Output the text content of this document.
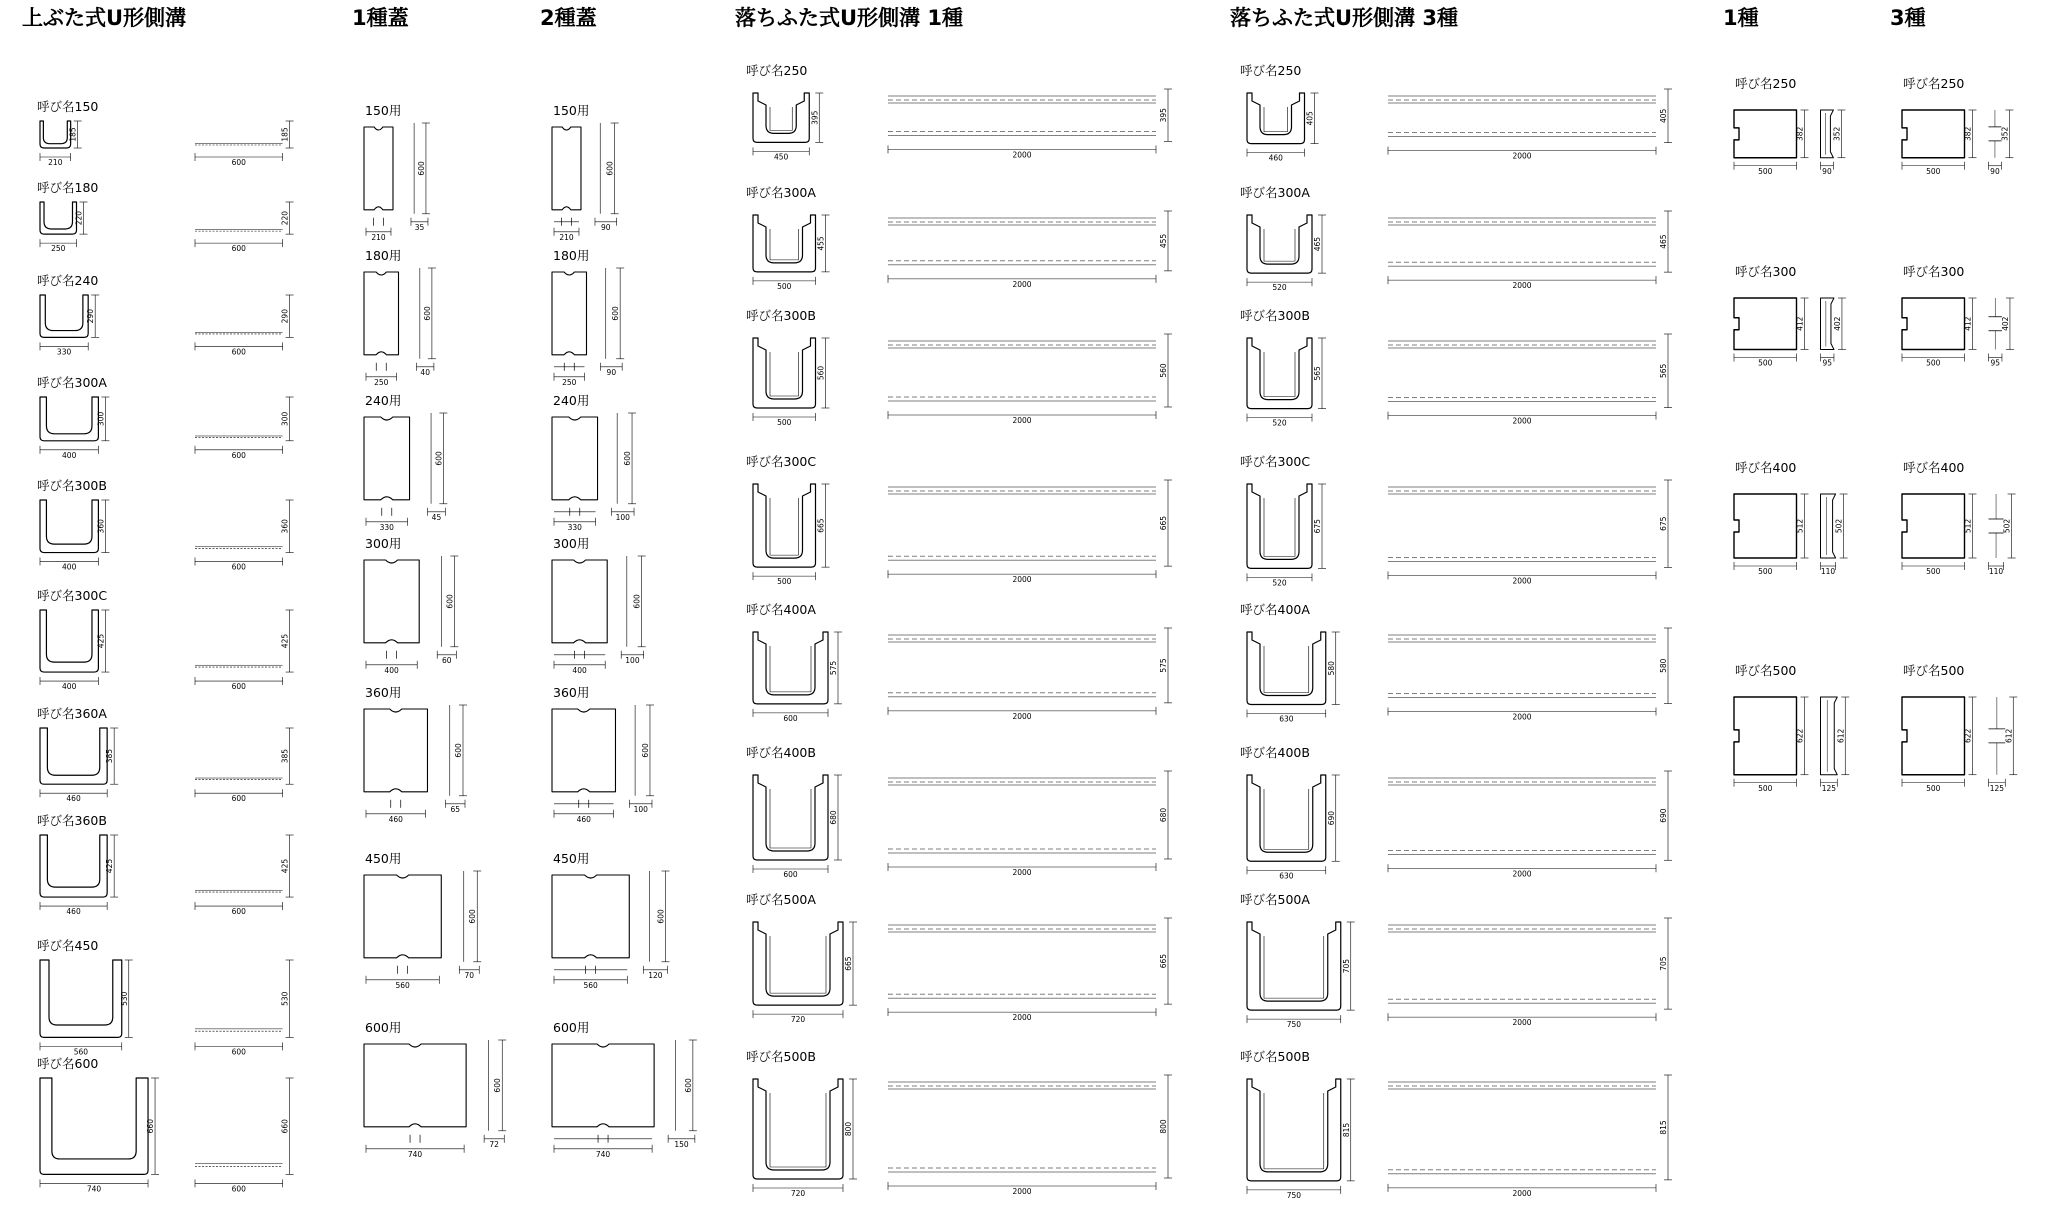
上ぶた式U形側溝	1種蓋	2種蓋	落ちふた式U形側溝 1種	落ちふた式U形側溝 3種	1種	3種
呼び名150
185
210
185
600
呼び名180
220
250
220
600
呼び名240
290
330
290
600
呼び名300A
300
400
300
600
呼び名300B
360
400
360
600
呼び名300C
425
400
425
600
呼び名360A
385
460
385
600
呼び名360B
425
460
425
600
呼び名450
530
560
530
600
呼び名600
660
740
660
600
150用
210
600
35
180用
250
600
40
240用
330
600
45
300用
400
600
60
360用
460
600
65
450用
560
600
70
600用
740
600
72
150用
210
600
90
180用
250
600
90
240用
330
600
100
300用
400
600
100
360用
460
600
100
450用
560
600
120
600用
740
600
150
呼び名250
395
450
395
2000
呼び名300A
455
500
455
2000
呼び名300B
560
500
560
2000
呼び名300C
665
500
665
2000
呼び名400A
575
600
575
2000
呼び名400B
680
600
680
2000
呼び名500A
665
720
665
2000
呼び名500B
800
720
800
2000
呼び名250
405
460
405
2000
呼び名300A
465
520
465
2000
呼び名300B
565
520
565
2000
呼び名300C
675
520
675
2000
呼び名400A
580
630
580
2000
呼び名400B
690
630
690
2000
呼び名500A
705
750
705
2000
呼び名500B
815
750
815
2000
呼び名250
382
500
352
90
呼び名300
412
500
402
95
呼び名400
512
500
502
110
呼び名500
622
500
612
125
呼び名250
382
500
352
90
呼び名300
412
500
402
95
呼び名400
512
500
502
110
呼び名500
622
500
612
125
